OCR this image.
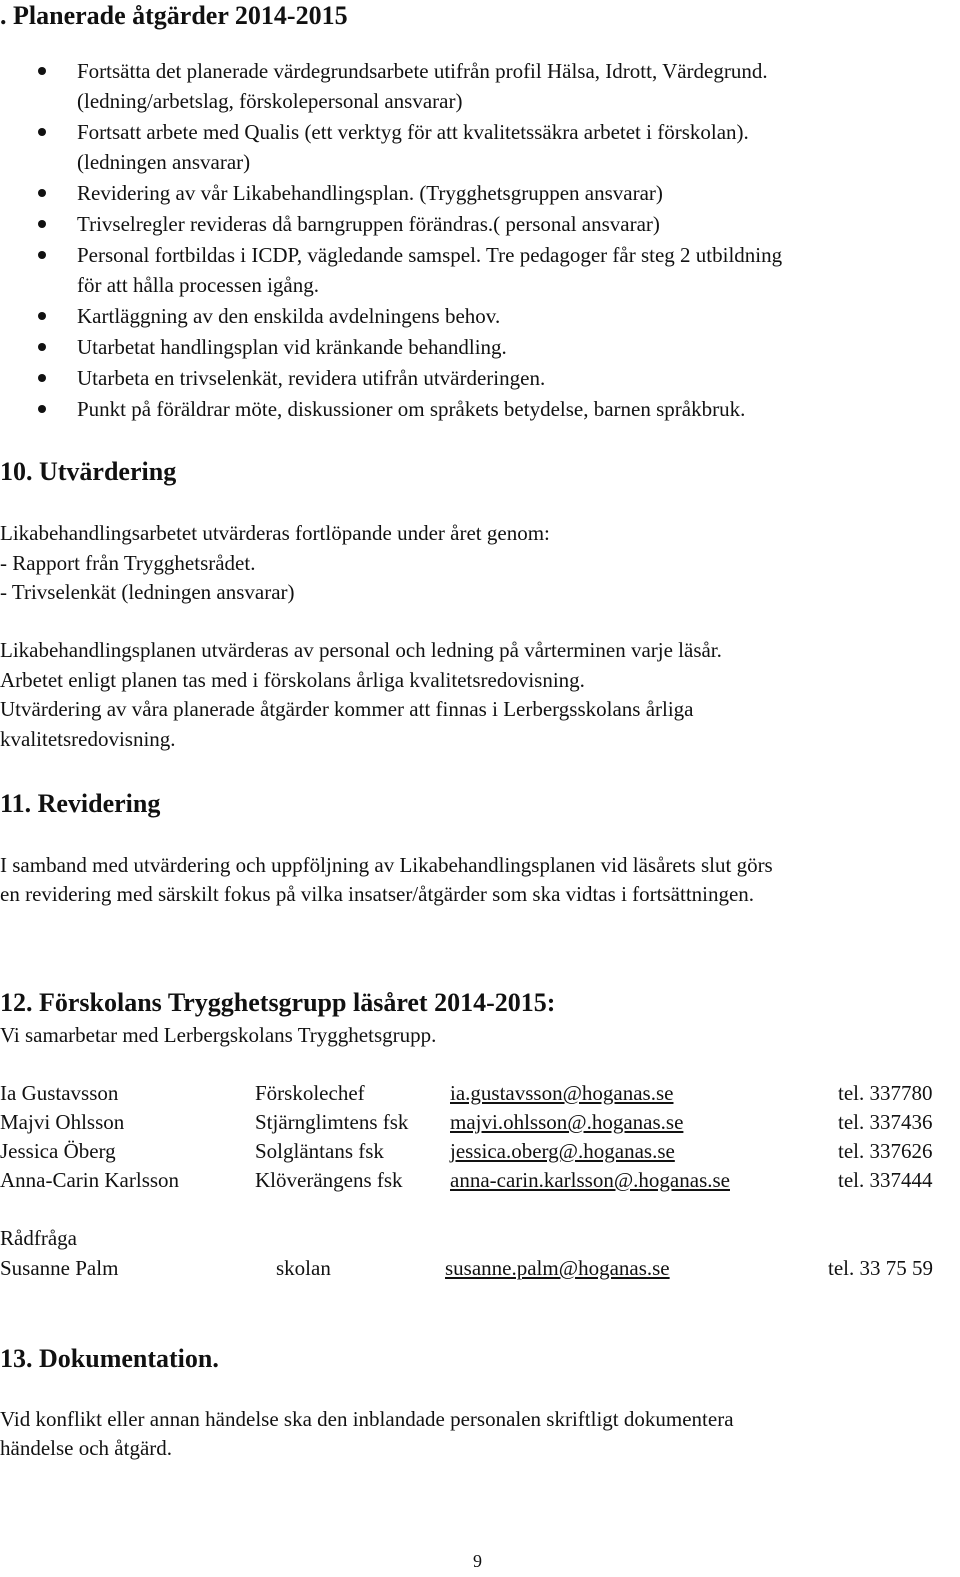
. Planerade åtgärder 2014-2015
Fortsätta det planerade värdegrundsarbete utifrån profil Hälsa, Idrott, Värdegrund.
(ledning/arbetslag, förskolepersonal ansvarar)
Fortsatt arbete med Qualis (ett verktyg för att kvalitetssäkra arbetet i förskolan).
(ledningen ansvarar)
Revidering av vår Likabehandlingsplan. (Trygghetsgruppen ansvarar)
Trivselregler revideras då barngruppen förändras.( personal ansvarar)
Personal fortbildas i ICDP, vägledande samspel. Tre pedagoger får steg 2 utbildning
för att hålla processen igång.
Kartläggning av den enskilda avdelningens behov.
Utarbetat handlingsplan vid kränkande behandling.
Utarbeta en trivselenkät, revidera utifrån utvärderingen.
Punkt på föräldrar möte, diskussioner om språkets betydelse, barnen språkbruk.
10. Utvärdering
Likabehandlingsarbetet utvärderas fortlöpande under året genom:
- Rapport från Trygghetsrådet.
- Trivselenkät (ledningen ansvarar)
Likabehandlingsplanen utvärderas av personal och ledning på vårterminen varje läsår.
Arbetet enligt planen tas med i förskolans årliga kvalitetsredovisning.
Utvärdering av våra planerade åtgärder kommer att finnas i Lerbergsskolans årliga
kvalitetsredovisning.
11. Revidering
I samband med utvärdering och uppföljning av Likabehandlingsplanen vid läsårets slut görs
en revidering med särskilt fokus på vilka insatser/åtgärder som ska vidtas i fortsättningen.
12. Förskolans Trygghetsgrupp läsåret 2014-2015:
Vi samarbetar med Lerbergskolans Trygghetsgrupp.
Ia Gustavsson	Förskolechef	ia.gustavsson@hoganas.se	tel. 337780
Majvi Ohlsson	Stjärnglimtens fsk majvi.ohlsson@.hoganas.se	tel. 337436
Jessica Öberg	Solgläntans fsk	jessica.oberg@.hoganas.se	tel. 337626
Anna-Carin Karlsson	Klöverängens fsk anna-carin.karlsson@.hoganas.se	tel. 337444
Rådfråga
Susanne Palm	skolan	susanne.palm@hoganas.se	tel. 33 75 59
13. Dokumentation.
Vid konflikt eller annan händelse ska den inblandade personalen skriftligt dokumentera
händelse och åtgärd.
9
